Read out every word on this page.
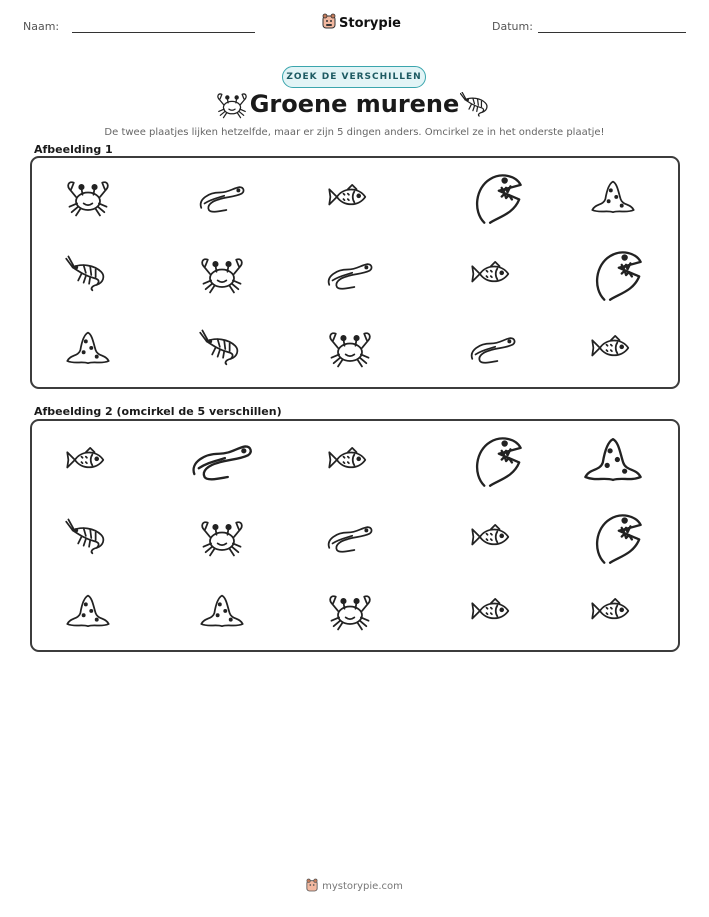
Naam:	Storypie	Datum:
ZOEK DE VERSCHILLEN
Groene murene
De twee plaatjes lijken hetzelfde, maar er zijn 5 dingen anders. Omcirkel ze in het onderste plaatje!
Afbeelding 1
Afbeelding 2 (omcirkel de 5 verschillen)
mystorypie.com
